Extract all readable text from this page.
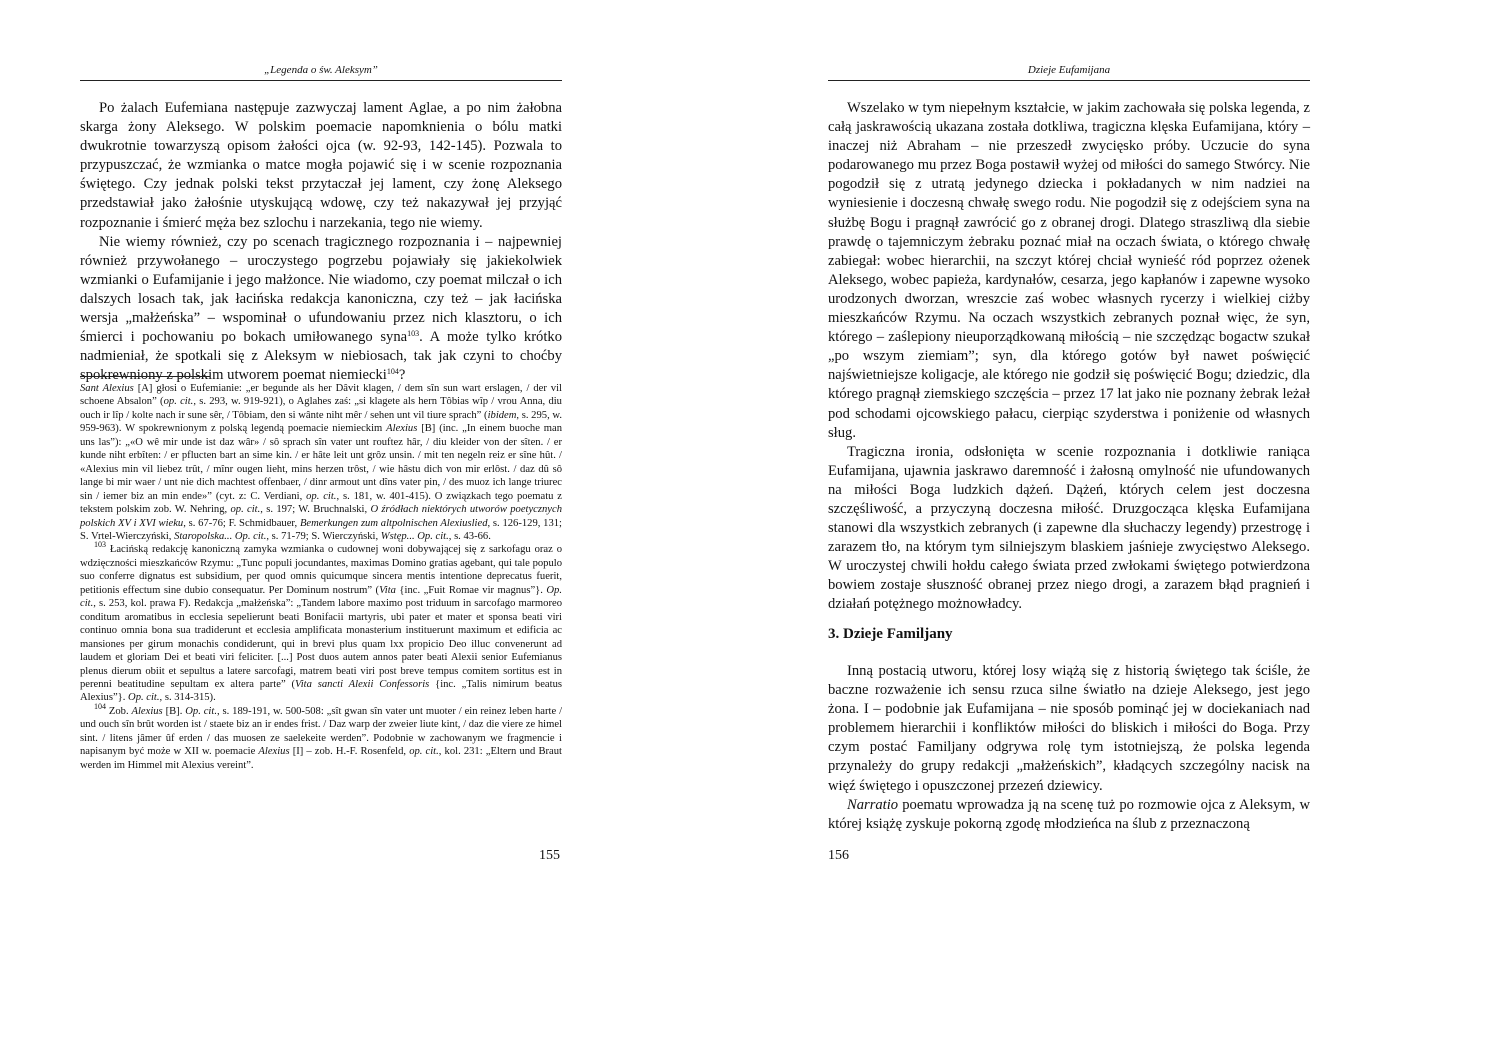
„Legenda o św. Aleksym”

Po żalach Eufemiana następuje zazwyczaj lament Aglae, a po nim żałobna skarga żony Aleksego. W polskim poemacie napomknienia o bólu matki dwukrotnie towarzyszą opisom żałości ojca (w. 92-93, 142-145). Pozwala to przypuszczać, że wzmianka o matce mogła pojawić się i w scenie rozpoznania świętego. Czy jednak polski tekst przytaczał jej lament, czy żonę Aleksego przedstawiał jako żałośnie utyskującą wdowę, czy też nakazywał jej przyjąć rozpoznanie i śmierć męża bez szlochu i narzekania, tego nie wiemy.

Nie wiemy również, czy po scenach tragicznego rozpoznania i – najpewniej również przywołanego – uroczystego pogrzebu pojawiały się jakiekolwiek wzmianki o Eufamijanie i jego małżonce. Nie wiadomo, czy poemat milczał o ich dalszych losach tak, jak łacińska redakcja kanoniczna, czy też – jak łacińska wersja „małżeńska” – wspominał o ufundowaniu przez nich klasztoru, o ich śmierci i pochowaniu po bokach umiłowanego syna$^{103}$. A może tylko krótko nadmieniał, że spotkali się z Aleksym w niebiosach, tak jak czyni to choćby spokrewniony z polskim utworem poemat niemiecki$^{104}$?

Sant Alexius [A] głosi o Eufemianie: „er begunde als her Dâvit klagen, / dem sîn sun wart erslagen, / der vil schoene Absalon” (op. cit., s. 293, w. 919-921), o Aglahes zaś: „si klagete als hern Tôbias wîp / vrou Anna, diu ouch ir lîp / kolte nach ir sune sêr, / Tôbiam, den si wânte niht mêr / sehen unt vil tiure sprach” (ibidem, s. 295, w. 959-963). W spokrewnionym z polską legendą poemacie niemieckim Alexius [B] (inc. „In einem buoche man uns las”): „«O wê mir unde ist daz wâr» / sô sprach sîn vater unt rouftez hâr, / diu kleider von der sîten. / er kunde niht erbîten: / er pflucten bart an sime kin. / er hâte leit unt grôz unsin. / mit ten negeln reiz er sîne hût. / «Alexius min vil liebez trût, / mînr ougen lieht, mins herzen trôst, / wie hâstu dich von mir erlôst. / daz dû sô lange bi mir waer / unt nie dich machtest offenbaer, / dinr armout unt dîns vater pin, / des muoz ich lange triurec sin / iemer biz an min ende»” (cyt. z: C. Verdiani, op. cit., s. 181, w. 401-415). O związkach tego poematu z tekstem polskim zob. W. Nehring, op. cit., s. 197; W. Bruchnalski, O źródłach niektórych utworów poetycznych polskich XV i XVI wieku, s. 67-76; F. Schmidbauer, Bemerkungen zum altpolnischen Alexiuslied, s. 126-129, 131; S. Vrtel-Wierczyński, Staropolska... Op. cit., s. 71-79; S. Wierczyński, Wstęp... Op. cit., s. 43-66.

$^{103}$ Łacińską redakcję kanoniczną zamyka wzmianka o cudownej woni dobywającej się z sarkofagu oraz o wdzięczności mieszkańców Rzymu: „Tunc populi jocundantes, maximas Domino gratias agebant, qui tale populo suo conferre dignatus est subsidium, per quod omnis quicumque sincera mentis intentione deprecatus fuerit, petitionis effectum sine dubio consequatur. Per Dominum nostrum” (Vita {inc. „Fuit Romae vir magnus”}. Op. cit., s. 253, kol. prawa F). Redakcja „małżeńska”: „Tandem labore maximo post triduum in sarcofago marmoreo conditum aromatibus in ecclesia sepelierunt beati Bonifacii martyris, ubi pater et mater et sponsa beati viri continuo omnia bona sua tradiderunt et ecclesia amplificata monasterium instituerunt maximum et edificia ac mansiones per girum monachis condiderunt, qui in brevi plus quam lxx propicio Deo illuc convenerunt ad laudem et gloriam Dei et beati viri feliciter. [...] Post duos autem annos pater beati Alexii senior Eufemianus plenus dierum obiit et sepultus a latere sarcofagi, matrem beati viri post breve tempus comitem sortitus est in perenni beatitudine sepultam ex altera parte” (Vita sancti Alexii Confessoris {inc. „Talis nimirum beatus Alexius”}. Op. cit., s. 314-315).

$^{104}$ Zob. Alexius [B]. Op. cit., s. 189-191, w. 500-508: „sît gwan sîn vater unt muoter / ein reinez leben harte / und ouch sîn brût worden ist / staete biz an ir endes frist. / Daz warp der zweier liute kint, / daz die viere ze himel sint. / litens jâmer ûf erden / das muosen ze saelekeite werden”. Podobnie w zachowanym we fragmencie i napisanym być może w XII w. poemacie Alexius [I] – zob. H.-F. Rosenfeld, op. cit., kol. 231: „Eltern und Braut werden im Himmel mit Alexius vereint”.

155
Dzieje Eufamijana

Wszelako w tym niepełnym kształcie, w jakim zachowała się polska legenda, z całą jaskrawością ukazana została dotkliwa, tragiczna klęska Eufamijana, który – inaczej niż Abraham – nie przeszedł zwycięsko próby. Uczucie do syna podarowanego mu przez Boga postawił wyżej od miłości do samego Stwórcy. Nie pogodził się z utratą jedynego dziecka i pokładanych w nim nadziei na wyniesienie i doczesną chwałę swego rodu. Nie pogodził się z odejściem syna na służbę Bogu i pragnął zawrócić go z obranej drogi. Dlatego straszliwą dla siebie prawdę o tajemniczym żebraku poznać miał na oczach świata, o którego chwałę zabiegał: wobec hierarchii, na szczyt której chciał wynieść ród poprzez ożenek Aleksego, wobec papieża, kardynałów, cesarza, jego kapłanów i zapewne wysoko urodzonych dworzan, wreszcie zaś wobec własnych rycerzy i wielkiej ciżby mieszkańców Rzymu. Na oczach wszystkich zebranych poznał więc, że syn, którego – zaślepiony nieuporządkowaną miłością – nie szczędząc bogactw szukał „po wszym ziemiam”; syn, dla którego gotów był nawet poświęcić najświetniejsze koligacje, ale którego nie godził się poświęcić Bogu; dziedzic, dla którego pragnął ziemskiego szczęścia – przez 17 lat jako nie poznany żebrak leżał pod schodami ojcowskiego pałacu, cierpiąc szyderstwa i poniżenie od własnych sług.

Tragiczna ironia, odsłonięta w scenie rozpoznania i dotkliwie raniąca Eufamijana, ujawnia jaskrawo daremność i żałosną omylność nie ufundowanych na miłości Boga ludzkich dążeń. Dążeń, których celem jest doczesna szczęśliwość, a przyczyną doczesna miłość. Druzgocząca klęska Eufamijana stanowi dla wszystkich zebranych (i zapewne dla słuchaczy legendy) przestrogę i zarazem tło, na którym tym silniejszym blaskiem jaśnieje zwycięstwo Aleksego. W uroczystej chwili hołdu całego świata przed zwłokami świętego potwierdzona bowiem zostaje słuszność obranej przez niego drogi, a zarazem błąd pragnień i działań potężnego możnowładcy.

3. Dzieje Familjany

Inną postacią utworu, której losy wiążą się z historią świętego tak ściśle, że baczne rozważenie ich sensu rzuca silne światło na dzieje Aleksego, jest jego żona. I – podobnie jak Eufamijana – nie sposób pominąć jej w dociekaniach nad problemem hierarchii i konfliktów miłości do bliskich i miłości do Boga. Przy czym postać Familjany odgrywa rolę tym istotniejszą, że polska legenda przynależy do grupy redakcji „małżeńskich”, kładących szczególny nacisk na więź świętego i opuszczonej przezeń dziewicy.

Narratio poematu wprowadza ją na scenę tuż po rozmowie ojca z Aleksym, w której książę zyskuje pokorną zgodę młodzieńca na ślub z przeznaczoną

156
